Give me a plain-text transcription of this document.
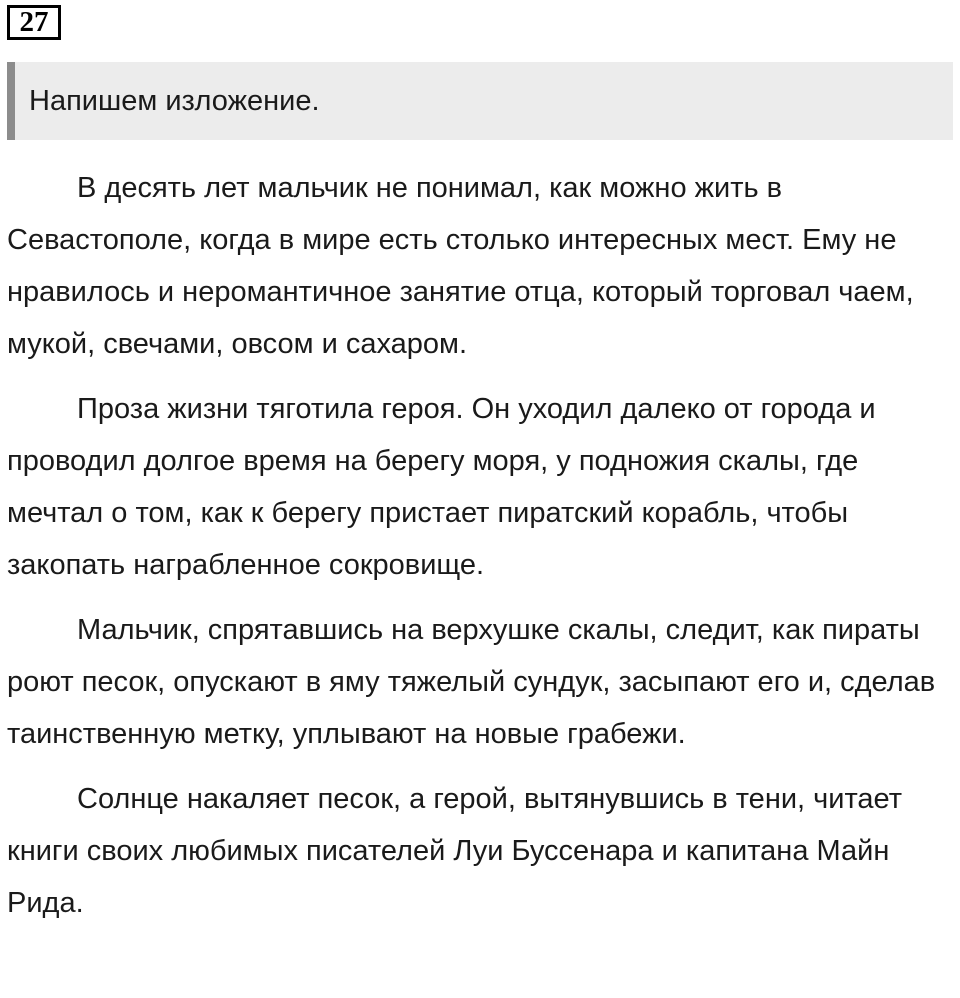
27
Напишем изложение.

В десять лет мальчик не понимал, как можно жить в Севастополе, когда в мире есть столько интересных мест. Ему не нравилось и неромантичное занятие отца, который торговал чаем, мукой, свечами, овсом и сахаром.

Проза жизни тяготила героя. Он уходил далеко от города и проводил долгое время на берегу моря, у подножия скалы, где мечтал о том, как к берегу пристает пиратский корабль, чтобы закопать награбленное сокровище.

Мальчик, спрятавшись на верхушке скалы, следит, как пираты роют песок, опускают в яму тяжелый сундук, засыпают его и, сделав таинственную метку, уплывают на новые грабежи.

Солнце накаляет песок, а герой, вытянувшись в тени, читает книги своих любимых писателей Луи Буссенара и капитана Майн Рида.
